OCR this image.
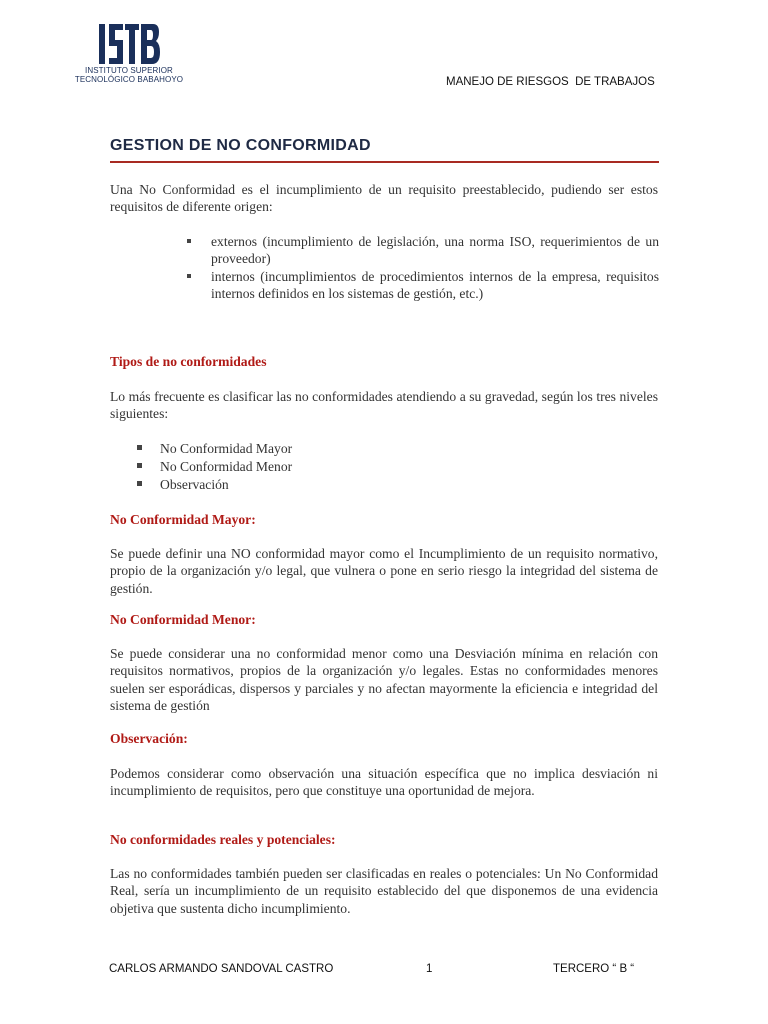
INSTITUTO SUPERIOR
TECNOLÓGICO BABAHOYO	MANEJO DE RIESGOS  DE TRABAJOS
GESTION DE NO CONFORMIDAD

Una No Conformidad es el incumplimiento de un requisito preestablecido, pudiendo ser estos requisitos de diferente origen:

externos (incumplimiento de legislación, una norma ISO, requerimientos de un proveedor)
internos (incumplimientos de procedimientos internos de la empresa, requisitos internos definidos en los sistemas de gestión, etc.)
Tipos de no conformidades

Lo más frecuente es clasificar las no conformidades atendiendo a su gravedad, según los tres niveles siguientes:

No Conformidad Mayor
No Conformidad Menor
Observación
No Conformidad Mayor:

Se puede definir una NO conformidad mayor como el Incumplimiento de un requisito normativo, propio de la organización y/o legal, que vulnera o pone en serio riesgo la integridad del sistema de gestión.

No Conformidad Menor:

Se puede considerar una no conformidad menor como una Desviación mínima en relación con requisitos normativos, propios de la organización y/o legales. Estas no conformidades menores suelen ser esporádicas, dispersos y parciales y no afectan mayormente la eficiencia e integridad del sistema de gestión

Observación:

Podemos considerar como observación una situación específica que no implica desviación ni incumplimiento de requisitos, pero que constituye una oportunidad de mejora.

No conformidades reales y potenciales:

Las no conformidades también pueden ser clasificadas en reales o potenciales: Un No Conformidad Real, sería un incumplimiento de un requisito establecido del que disponemos de una evidencia objetiva que sustenta dicho incumplimiento.

CARLOS ARMANDO SANDOVAL CASTRO	1	TERCERO “ B “
